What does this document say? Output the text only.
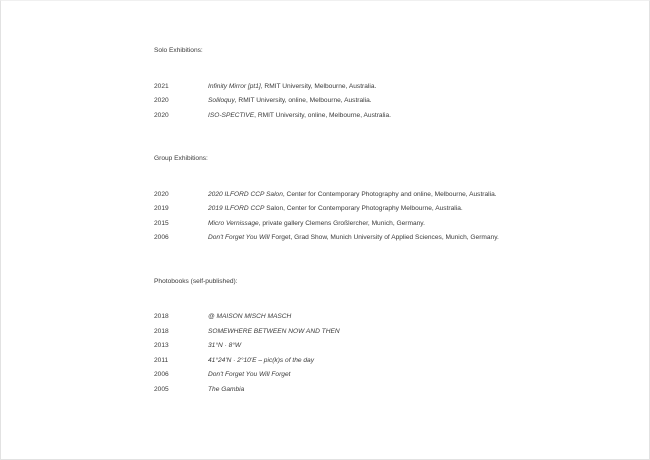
Solo Exhibitions:
2021	Infinity Mirror [pt1], RMIT University, Melbourne, Australia.
2020	Soliloquy, RMIT University, online, Melbourne, Australia.
2020	ISO-SPECTIVE, RMIT University, online, Melbourne, Australia.
Group Exhibitions:
2020	2020 ILFORD CCP Salon, Center for Contemporary Photography and online, Melbourne, Australia.
2019	2019 ILFORD CCP Salon, Center for Contemporary Photography Melbourne, Australia.
2015	Micro Vernissage, private gallery Clemens Großlercher, Munich, Germany.
2006	Don't Forget You Will Forget, Grad Show, Munich University of Applied Sciences, Munich, Germany.
Photobooks (self-published):
2018	@ MAISON MISCH MASCH
2018	SOMEWHERE BETWEEN NOW AND THEN
2013	31°N · 8°W
2011	41°24'N · 2°10'E – pic(k)s of the day
2006	Don't Forget You Will Forget
2005	The Gambia
